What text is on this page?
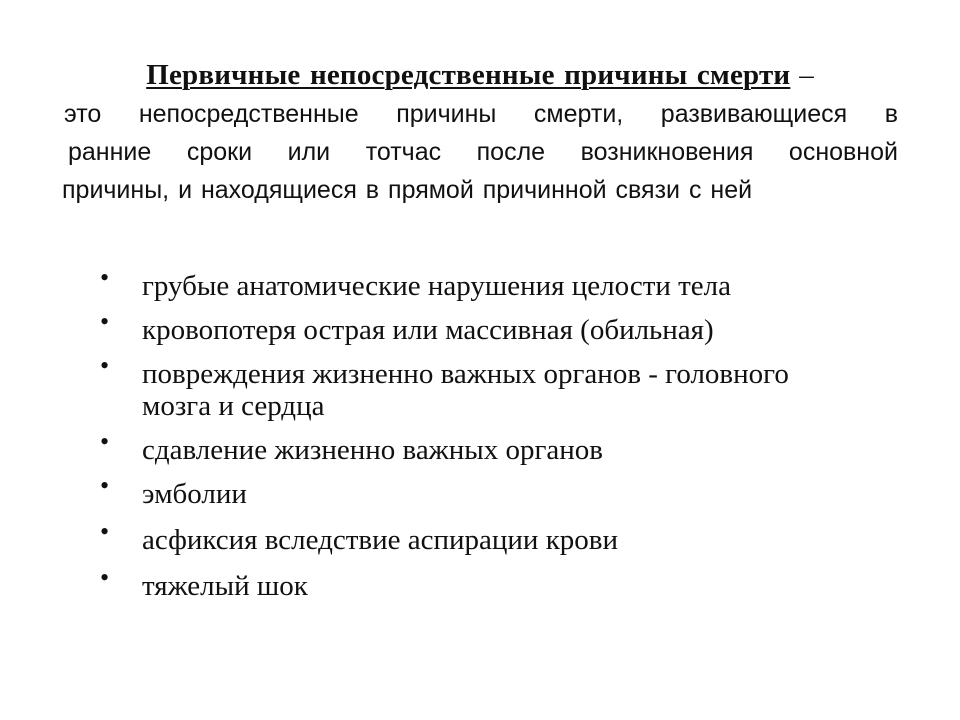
Первичные непосредственные причины смерти –
это непосредственные причины смерти, развивающиеся в
ранние сроки или тотчас после возникновения основной
причины, и находящиеся в прямой причинной связи с ней
• грубые анатомические нарушения целости тела
• кровопотеря острая или массивная (обильная)
• повреждения жизненно важных органов - головного мозга и сердца
• сдавление жизненно важных органов
• эмболии
• асфиксия вследствие аспирации крови
• тяжелый шок
